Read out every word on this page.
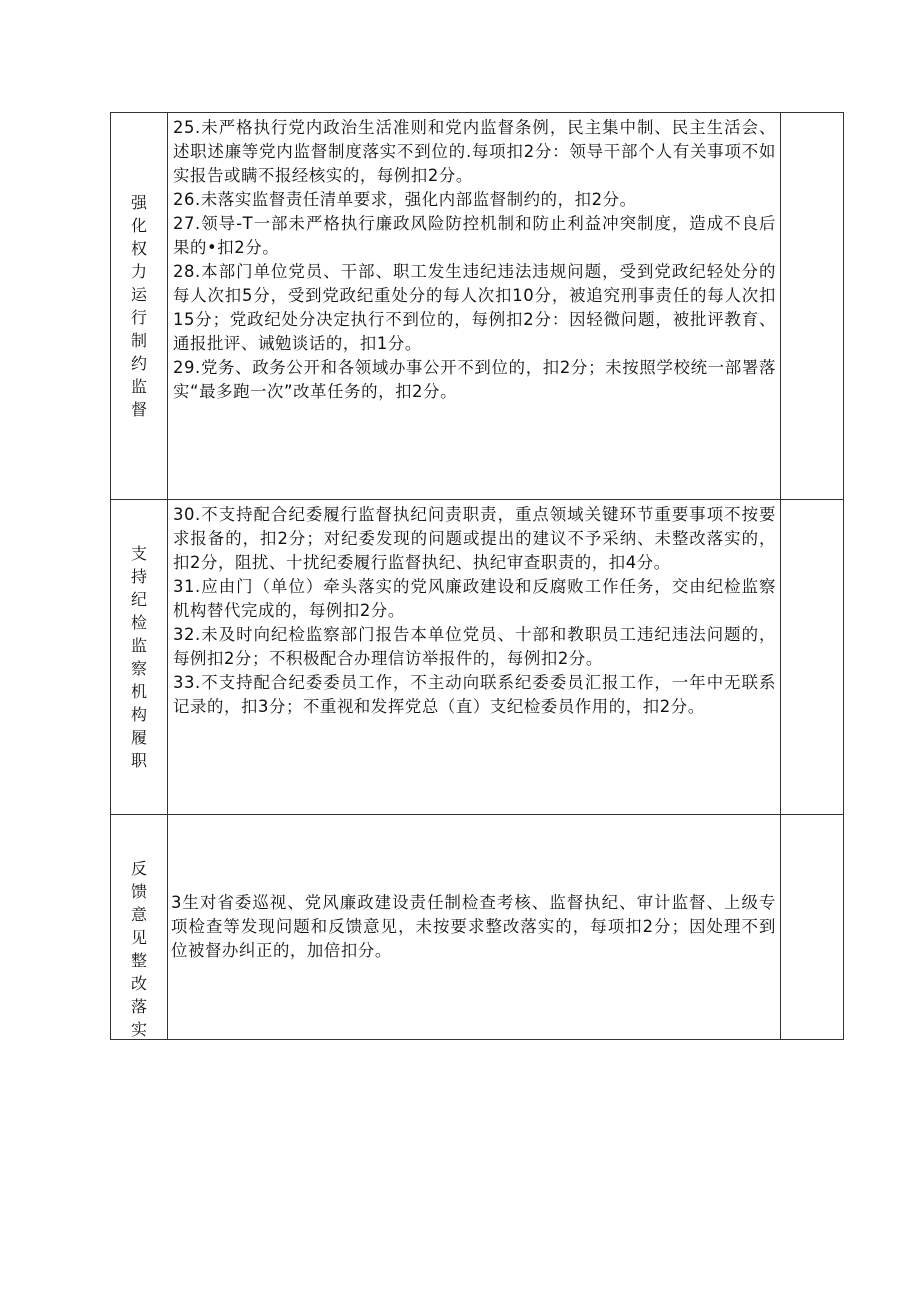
强化权力运行制约监督	25.未严格执行党内政治生活准则和党内监督条例，民主集中制、民主生活会、述职述廉等党内监督制度落实不到位的.每项扣2分：领导干部个人有关事项不如实报告或瞒不报经核实的，每例扣2分。

26.未落实监督责任清单要求，强化内部监督制约的，扣2分。

27.领导-T一部未严格执行廉政风险防控机制和防止利益冲突制度，造成不良后果的•扣2分。

28.本部门单位党员、干部、职工发生违纪违法违规问题，受到党政纪轻处分的每人次扣5分，受到党政纪重处分的每人次扣10分，被追究刑事责任的每人次扣15分；党政纪处分决定执行不到位的，每例扣2分：因轻微问题，被批评教育、通报批评、诫勉谈话的，扣1分。

29.党务、政务公开和各领域办事公开不到位的，扣2分；未按照学校统一部署落实“最多跑一次”改革任务的，扣2分。	

支持纪检监察机构履职	30.不支持配合纪委履行监督执纪问责职责，重点领域关键环节重要事项不按要求报备的，扣2分；对纪委发现的问题或提出的建议不予采纳、未整改落实的，扣2分，阻扰、十扰纪委履行监督执纪、执纪审查职责的，扣4分。

31.应由门（单位）牵头落实的党风廉政建设和反腐败工作任务，交由纪检监察机构替代完成的，每例扣2分。

32.未及时向纪检监察部门报告本单位党员、十部和教职员工违纪违法问题的，每例扣2分；不积极配合办理信访举报件的，每例扣2分。

33.不支持配合纪委委员工作，不主动向联系纪委委员汇报工作，一年中无联系记录的，扣3分；不重视和发挥党总（直）支纪检委员作用的，扣2分。	

反馈意见整改落实	3生对省委巡视、党风廉政建设责任制检查考核、监督执纪、审计监督、上级专项检查等发现问题和反馈意见，未按要求整改落实的，每项扣2分；因处理不到位被督办纠正的，加倍扣分。	
